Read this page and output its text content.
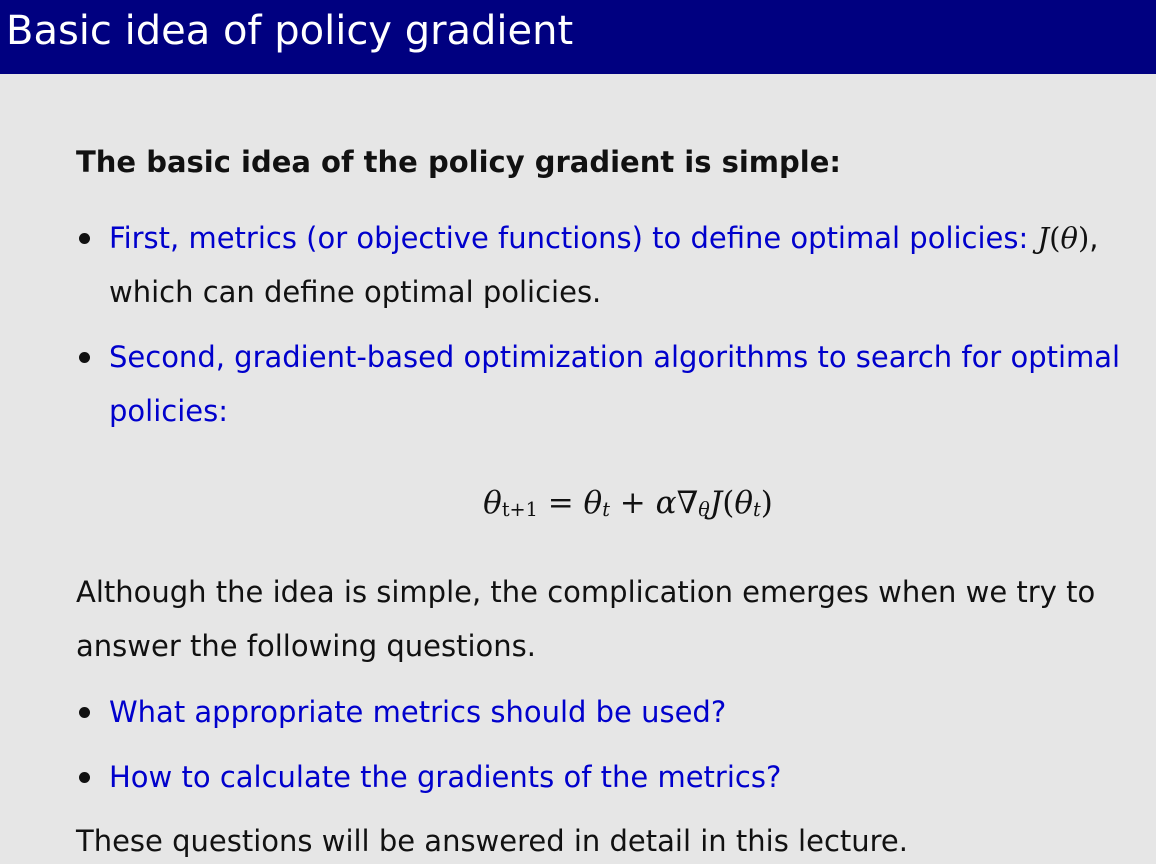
Basic idea of policy gradient
The basic idea of the policy gradient is simple:
First, metrics (or objective functions) to define optimal policies: J(θ),
which can define optimal policies.
Second, gradient-based optimization algorithms to search for optimal
policies:
$\theta_{t+1} = \theta_t + \alpha\nabla_\theta J(\theta_t)$
Although the idea is simple, the complication emerges when we try to
answer the following questions.
What appropriate metrics should be used?
How to calculate the gradients of the metrics?
These questions will be answered in detail in this lecture.
